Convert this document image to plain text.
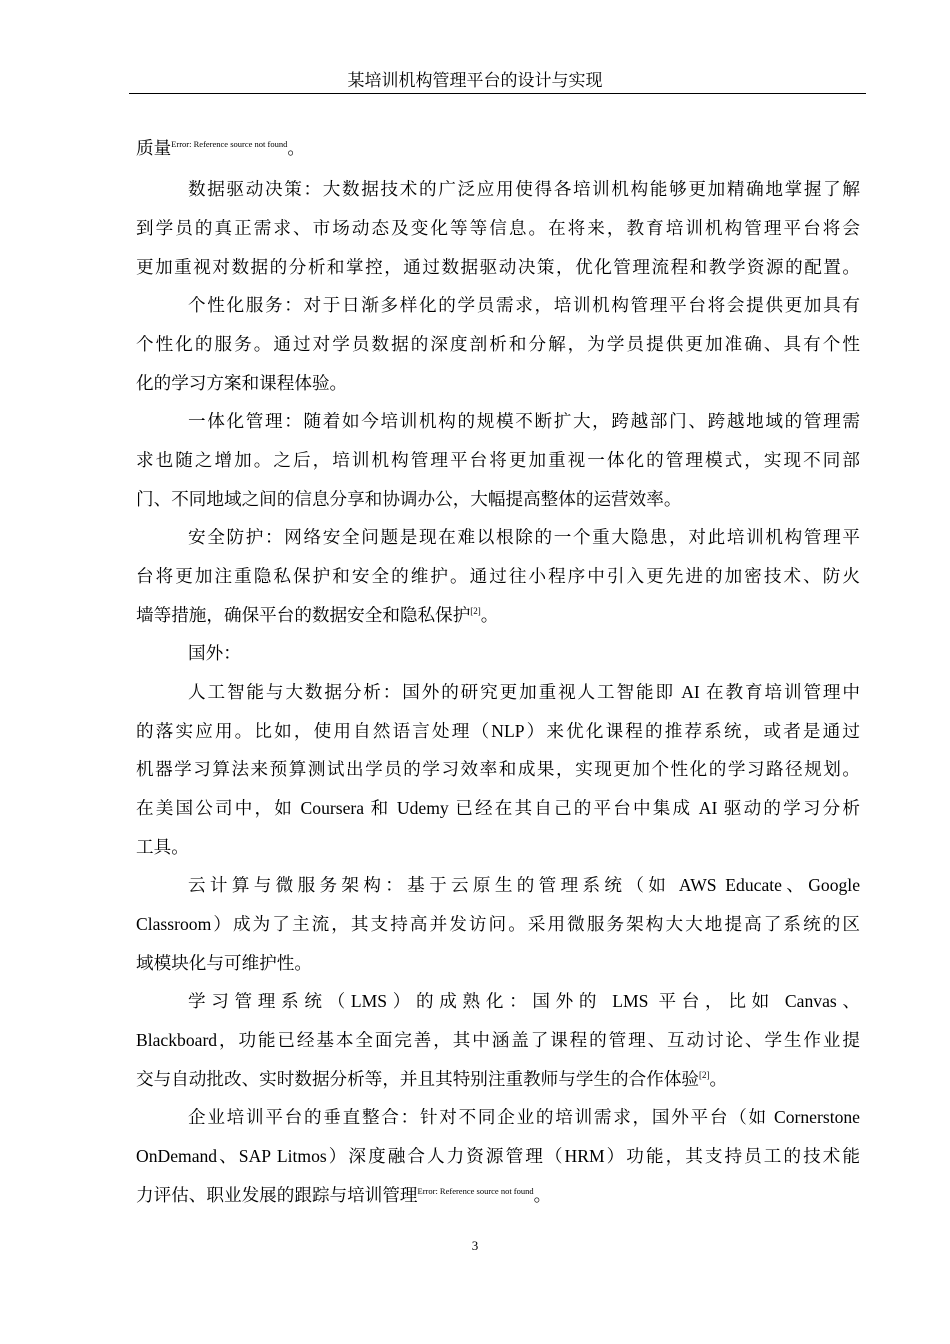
某培训机构管理平台的设计与实现
质量$^{Error: Reference source not found}$。
数据驱动决策：大数据技术的广泛应用使得各培训机构能够更加精确地掌握了解
到学员的真正需求、市场动态及变化等等信息。在将来，教育培训机构管理平台将会
更加重视对数据的分析和掌控，通过数据驱动决策，优化管理流程和教学资源的配置。
个性化服务：对于日渐多样化的学员需求，培训机构管理平台将会提供更加具有
个性化的服务。通过对学员数据的深度剖析和分解，为学员提供更加准确、具有个性
化的学习方案和课程体验。
一体化管理：随着如今培训机构的规模不断扩大，跨越部门、跨越地域的管理需
求也随之增加。之后，培训机构管理平台将更加重视一体化的管理模式，实现不同部
门、不同地域之间的信息分享和协调办公，大幅提高整体的运营效率。
安全防护：网络安全问题是现在难以根除的一个重大隐患，对此培训机构管理平
台将更加注重隐私保护和安全的维护。通过往小程序中引入更先进的加密技术、防火
墙等措施，确保平台的数据安全和隐私保护[2]。
国外：
人工智能与大数据分析：国外的研究更加重视人工智能即 AI 在教育培训管理中
的落实应用。比如，使用自然语言处理（NLP）来优化课程的推荐系统，或者是通过
机器学习算法来预算测试出学员的学习效率和成果，实现更加个性化的学习路径规划。
在美国公司中，如 Coursera 和 Udemy 已经在其自己的平台中集成 AI 驱动的学习分析
工具。
云计算与微服务架构：基于云原生的管理系统（如 AWS Educate、Google
Classroom）成为了主流，其支持高并发访问。采用微服务架构大大地提高了系统的区
域模块化与可维护性。
学习管理系统（LMS）的成熟化：国外的 LMS 平台，比如 Canvas、
Blackboard，功能已经基本全面完善，其中涵盖了课程的管理、互动讨论、学生作业提
交与自动批改、实时数据分析等，并且其特别注重教师与学生的合作体验[2]。
企业培训平台的垂直整合：针对不同企业的培训需求，国外平台（如 Cornerstone
OnDemand、SAP Litmos）深度融合人力资源管理（HRM）功能，其支持员工的技术能
力评估、职业发展的跟踪与培训管理$^{Error: Reference source not found}$。
3
